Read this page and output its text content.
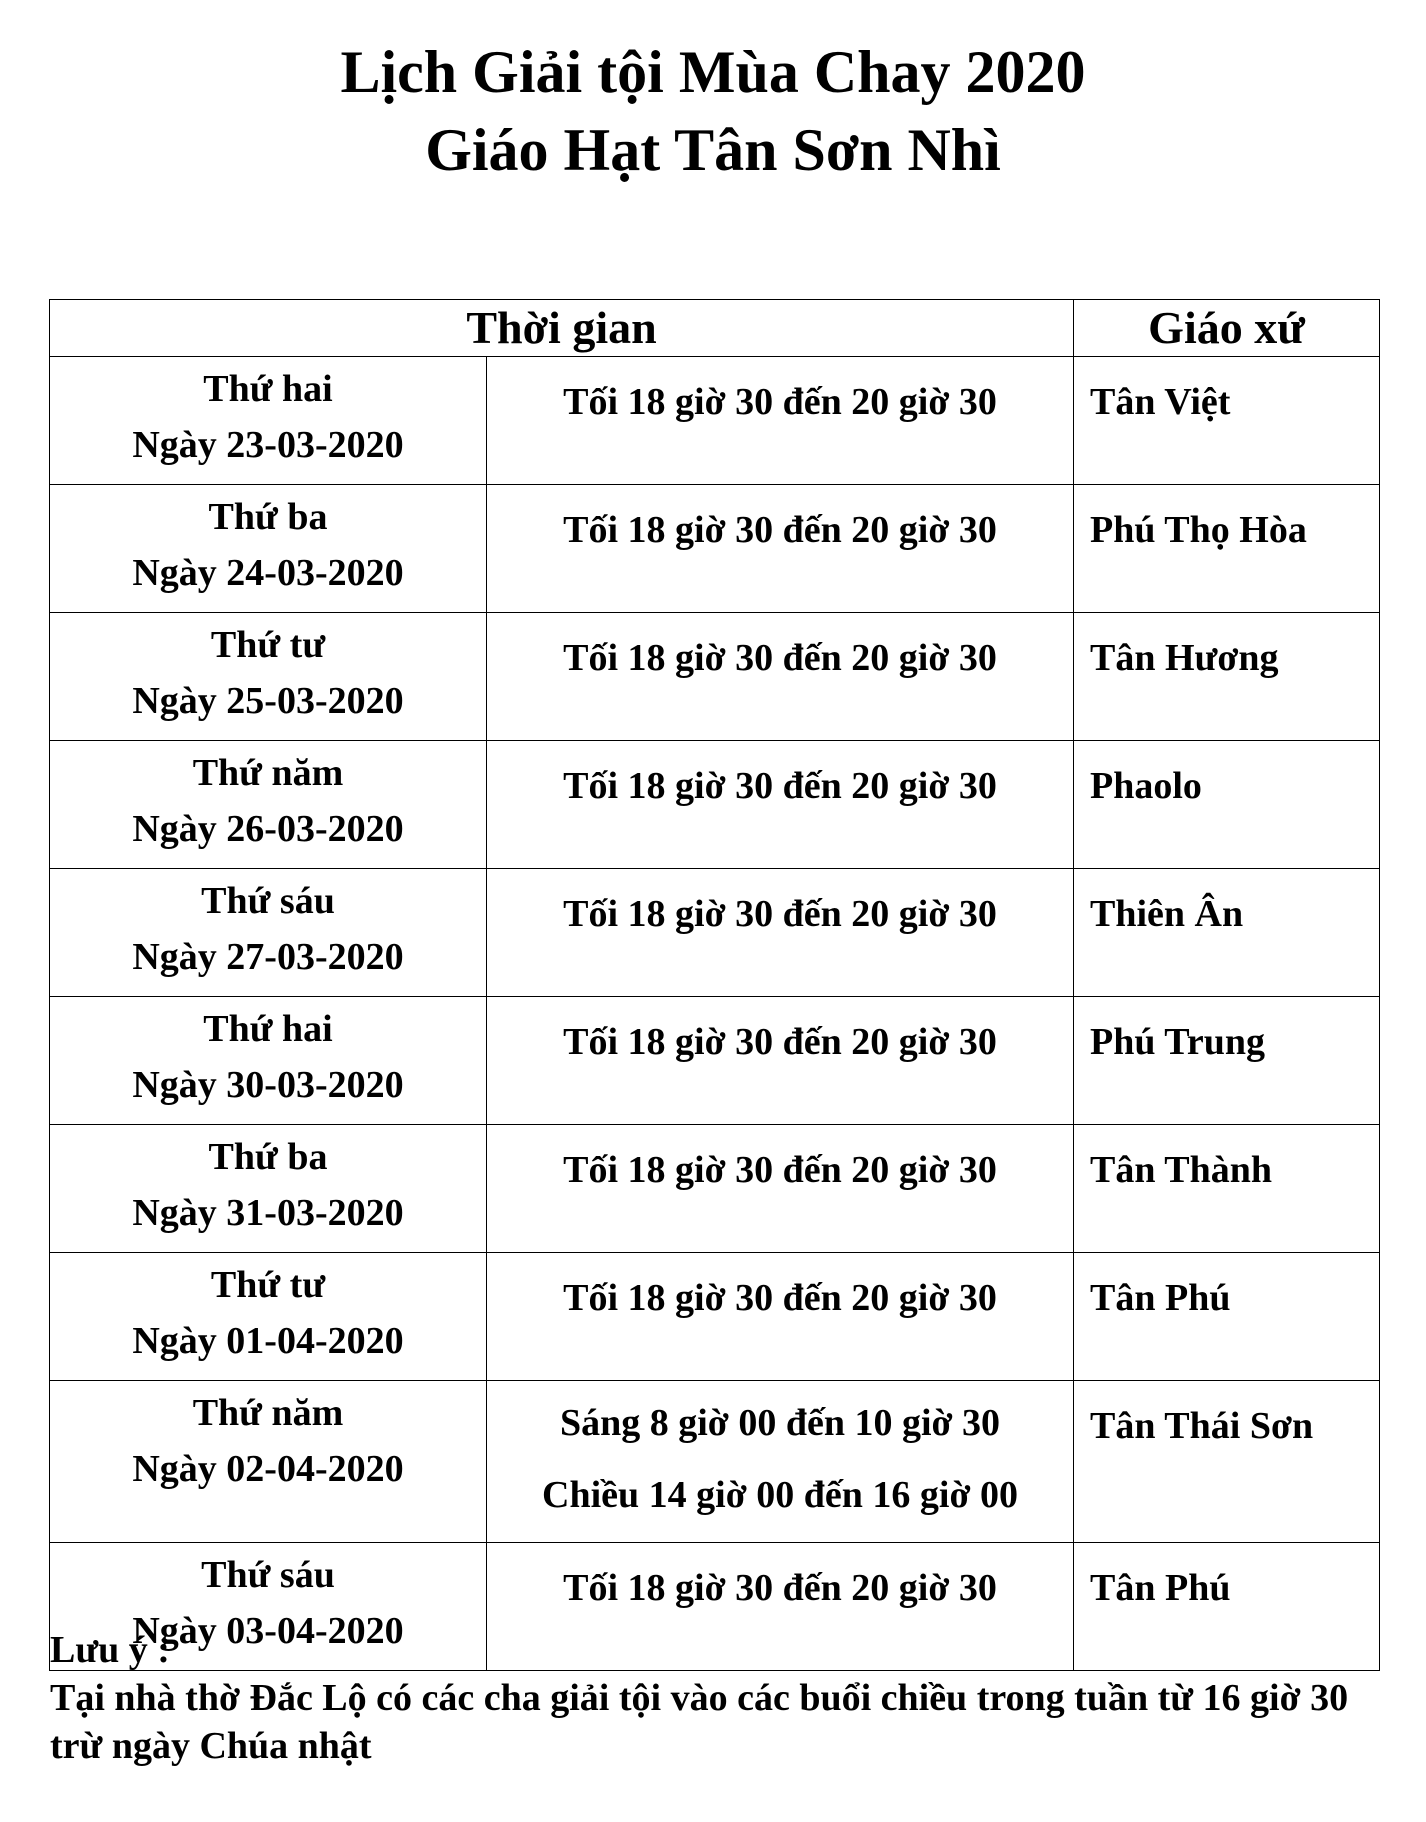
Lịch Giải tội Mùa Chay 2020
Giáo Hạt Tân Sơn Nhì
Thời gian		Giáo xứ

Thứ hai
Ngày 23-03-2020	Tối 18 giờ 30 đến 20 giờ 30	Tân Việt

Thứ ba
Ngày 24-03-2020	Tối 18 giờ 30 đến 20 giờ 30	Phú Thọ Hòa

Thứ tư
Ngày 25-03-2020	Tối 18 giờ 30 đến 20 giờ 30	Tân Hương

Thứ năm
Ngày 26-03-2020	Tối 18 giờ 30 đến 20 giờ 30	Phaolo

Thứ sáu
Ngày 27-03-2020	Tối 18 giờ 30 đến 20 giờ 30	Thiên Ân

Thứ hai
Ngày 30-03-2020	Tối 18 giờ 30 đến 20 giờ 30	Phú Trung

Thứ ba
Ngày 31-03-2020	Tối 18 giờ 30 đến 20 giờ 30	Tân Thành

Thứ tư
Ngày 01-04-2020	Tối 18 giờ 30 đến 20 giờ 30	Tân Phú

Thứ năm
Ngày 02-04-2020	Sáng 8 giờ 00 đến 10 giờ 30
Chiều 14 giờ 00 đến 16 giờ 00	Tân Thái Sơn

Thứ sáu
Ngày 03-04-2020	Tối 18 giờ 30 đến 20 giờ 30	Tân Phú
Lưu ý :
Tại nhà thờ Đắc Lộ có các cha giải tội vào các buổi chiều trong tuần từ 16 giờ 30 trừ ngày Chúa nhật
